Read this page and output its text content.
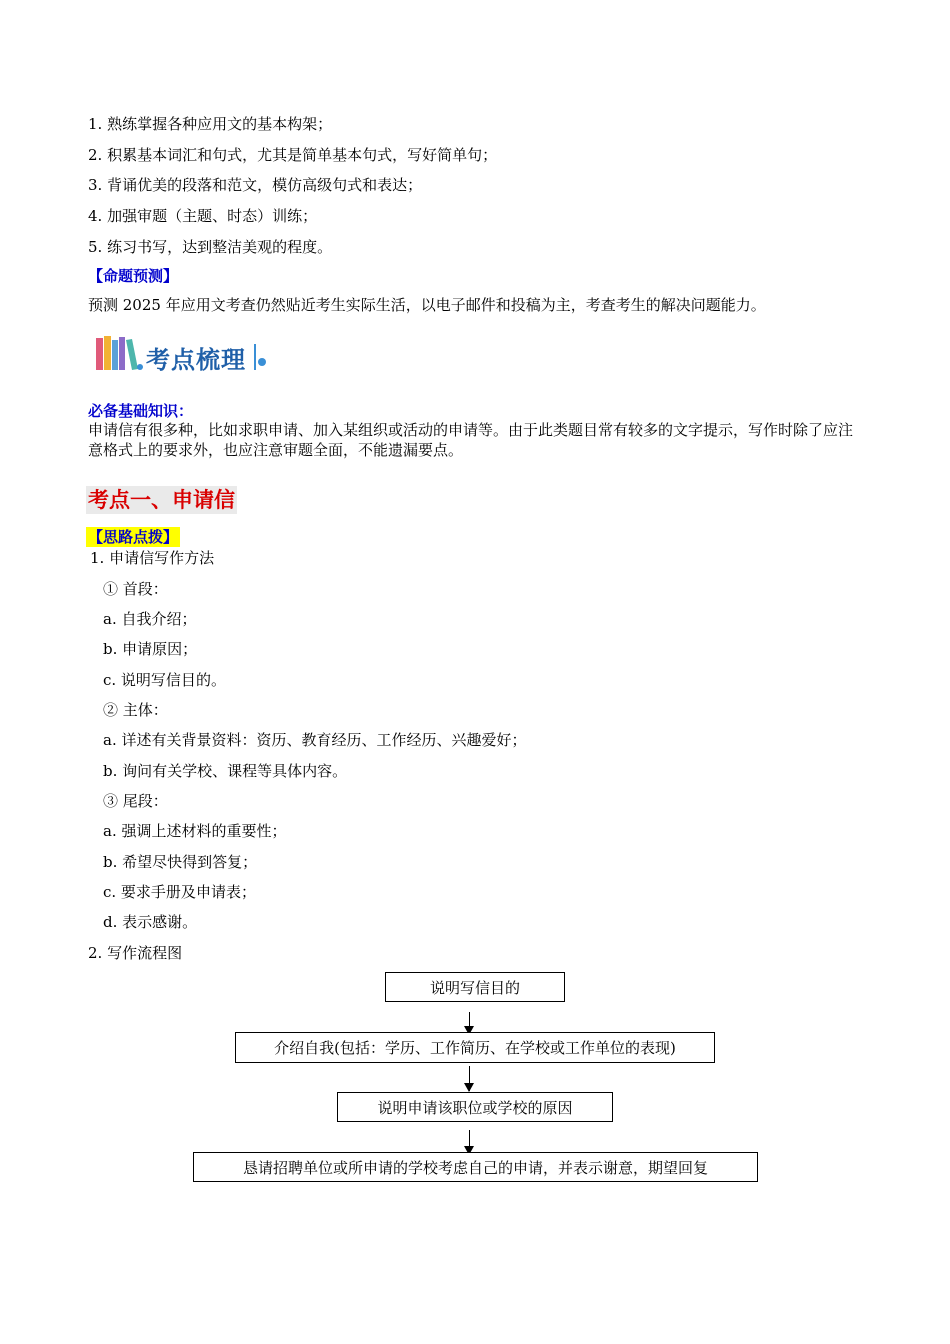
1. 熟练掌握各种应用文的基本构架；
2. 积累基本词汇和句式，尤其是简单基本句式，写好简单句；
3. 背诵优美的段落和范文，模仿高级句式和表达；
4. 加强审题（主题、时态）训练；
5. 练习书写，达到整洁美观的程度。
【命题预测】
预测 2025 年应用文考查仍然贴近考生实际生活，以电子邮件和投稿为主，考查考生的解决问题能力。
考点梳理
必备基础知识：
申请信有很多种，比如求职申请、加入某组织或活动的申请等。由于此类题目常有较多的文字提示，写作时除了应注意格式上的要求外，也应注意审题全面，不能遗漏要点。
考点一、申请信
【思路点拨】
1. 申请信写作方法
① 首段：
a. 自我介绍；
b. 申请原因；
c. 说明写信目的。
② 主体：
a. 详述有关背景资料：资历、教育经历、工作经历、兴趣爱好；
b. 询问有关学校、课程等具体内容。
③ 尾段：
a. 强调上述材料的重要性；
b. 希望尽快得到答复；
c. 要求手册及申请表；
d. 表示感谢。
2. 写作流程图
说明写信目的
介绍自我(包括：学历、工作简历、在学校或工作单位的表现)
说明申请该职位或学校的原因
恳请招聘单位或所申请的学校考虑自己的申请，并表示谢意，期望回复
